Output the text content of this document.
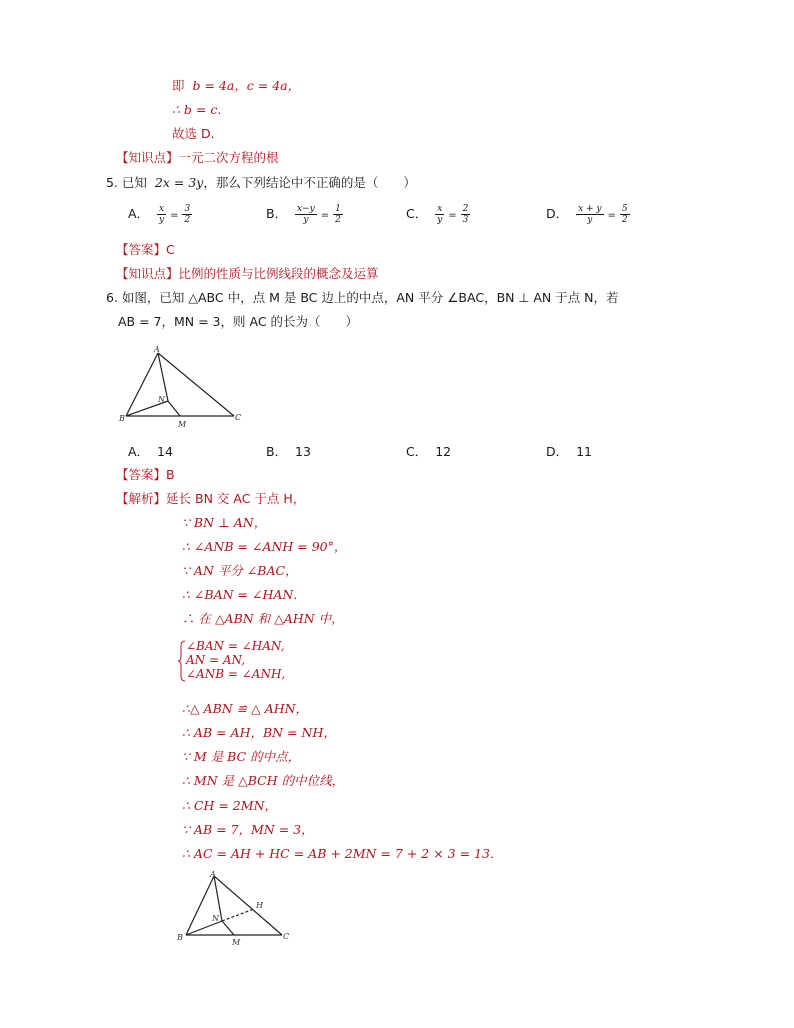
即 b = 4a，c = 4a，
∴ b = c.
故选 D.
【知识点】一元二次方程的根
5. 已知 2x = 3y，那么下列结论中不正确的是（　　）
A． $\frac{x}{y} = \frac{3}{2}$	B． $\frac{x-y}{y} = \frac{1}{2}$	C． $\frac{x}{y} = \frac{2}{3}$	D． $\frac{x + y}{y} = \frac{5}{2}$
【答案】C
【知识点】比例的性质与比例线段的概念及运算
6. 如图，已知 △ABC 中，点 M 是 BC 边上的中点，AN 平分 ∠BAC，BN ⊥ AN 于点 N，若
AB = 7，MN = 3，则 AC 的长为（　　）
A
B	C
N
M
A． 14	B． 13	C． 12	D． 11
【答案】B
【解析】延长 BN 交 AC 于点 H，
∵ BN ⊥ AN，
∴ ∠ANB = ∠ANH = 90°，
∵ AN 平分 ∠BAC，
∴ ∠BAN = ∠HAN．
∴ 在 △ABN 和 △AHN 中，
∠BAN = ∠HAN,
AN = AN,
∠ANB = ∠ANH,
∴△ ABN ≌ △ AHN，
∴ AB = AH，BN = NH，
∵ M 是 BC 的中点，
∴ MN 是 △BCH 的中位线，
∴ CH = 2MN，
∵ AB = 7，MN = 3，
∴ AC = AH + HC = AB + 2MN = 7 + 2 × 3 = 13．
A
B	C
N
M
H
